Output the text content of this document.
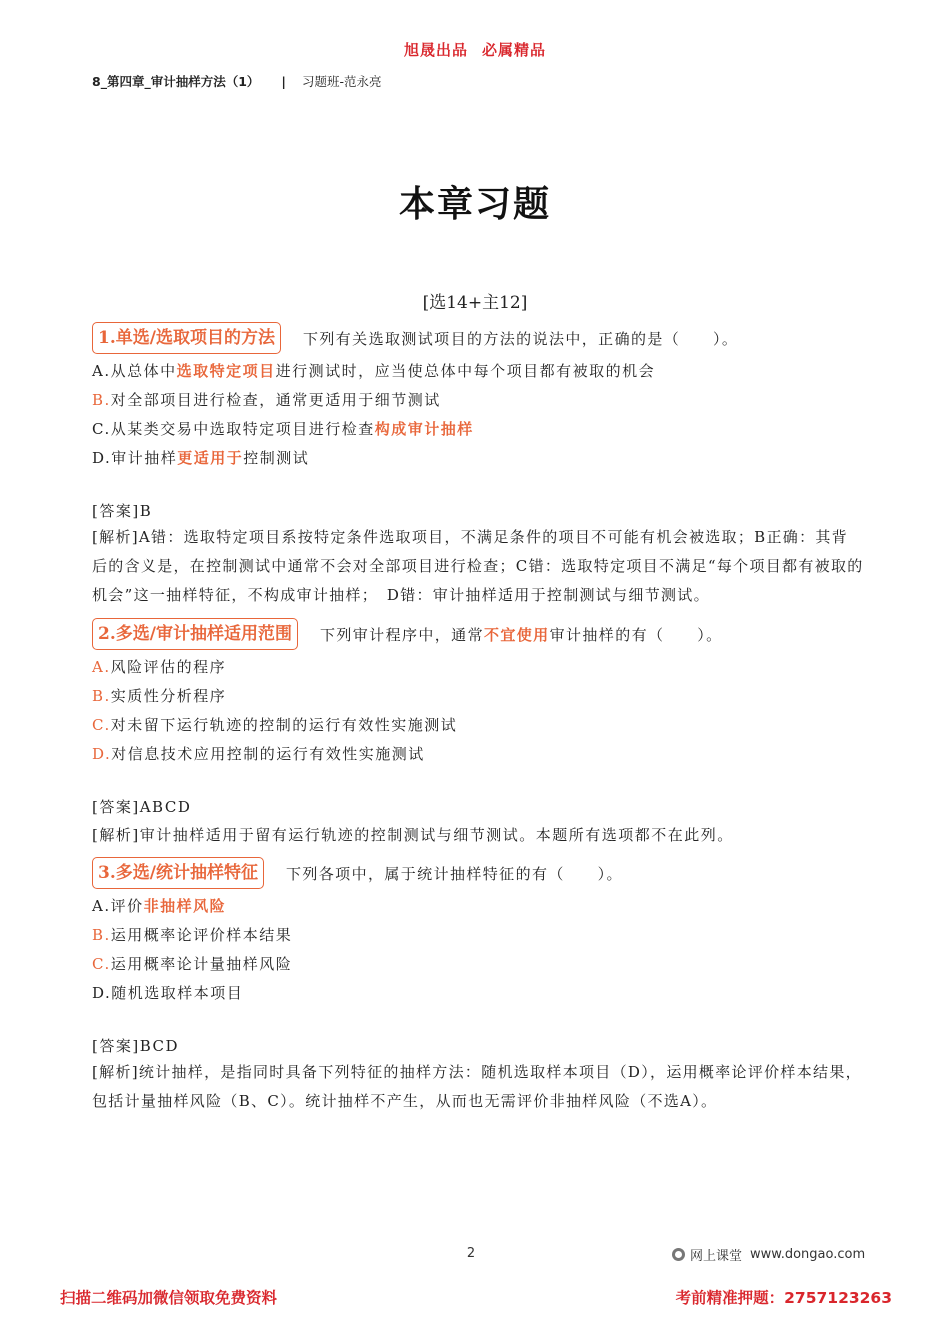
旭晟出品 必属精品
8_第四章_审计抽样方法（1） | 习题班-范永亮
本章习题
[选14+主12]
1.单选/选取项目的方法	下列有关选取测试项目的方法的说法中，正确的是（　　）。
A.从总体中选取特定项目进行测试时，应当使总体中每个项目都有被取的机会
B.对全部项目进行检查，通常更适用于细节测试
C.从某类交易中选取特定项目进行检查构成审计抽样
D.审计抽样更适用于控制测试
[答案]B
[解析]A错：选取特定项目系按特定条件选取项目，不满足条件的项目不可能有机会被选取；B正确：其背后的含义是，在控制测试中通常不会对全部项目进行检查；C错：选取特定项目不满足“每个项目都有被取的机会”这一抽样特征，不构成审计抽样；　D错：审计抽样适用于控制测试与细节测试。
2.多选/审计抽样适用范围	下列审计程序中，通常不宜使用审计抽样的有（　　）。
A.风险评估的程序
B.实质性分析程序
C.对未留下运行轨迹的控制的运行有效性实施测试
D.对信息技术应用控制的运行有效性实施测试
[答案]ABCD
[解析]审计抽样适用于留有运行轨迹的控制测试与细节测试。本题所有选项都不在此列。
3.多选/统计抽样特征	下列各项中，属于统计抽样特征的有（　　）。
A.评价非抽样风险
B.运用概率论评价样本结果
C.运用概率论计量抽样风险
D.随机选取样本项目
[答案]BCD
[解析]统计抽样，是指同时具备下列特征的抽样方法：随机选取样本项目（D），运用概率论评价样本结果，包括计量抽样风险（B、C）。统计抽样不产生，从而也无需评价非抽样风险（不选A）。
2	网上课堂 www.dongao.com
扫描二维码加微信领取免费资料	考前精准押题：2757123263
